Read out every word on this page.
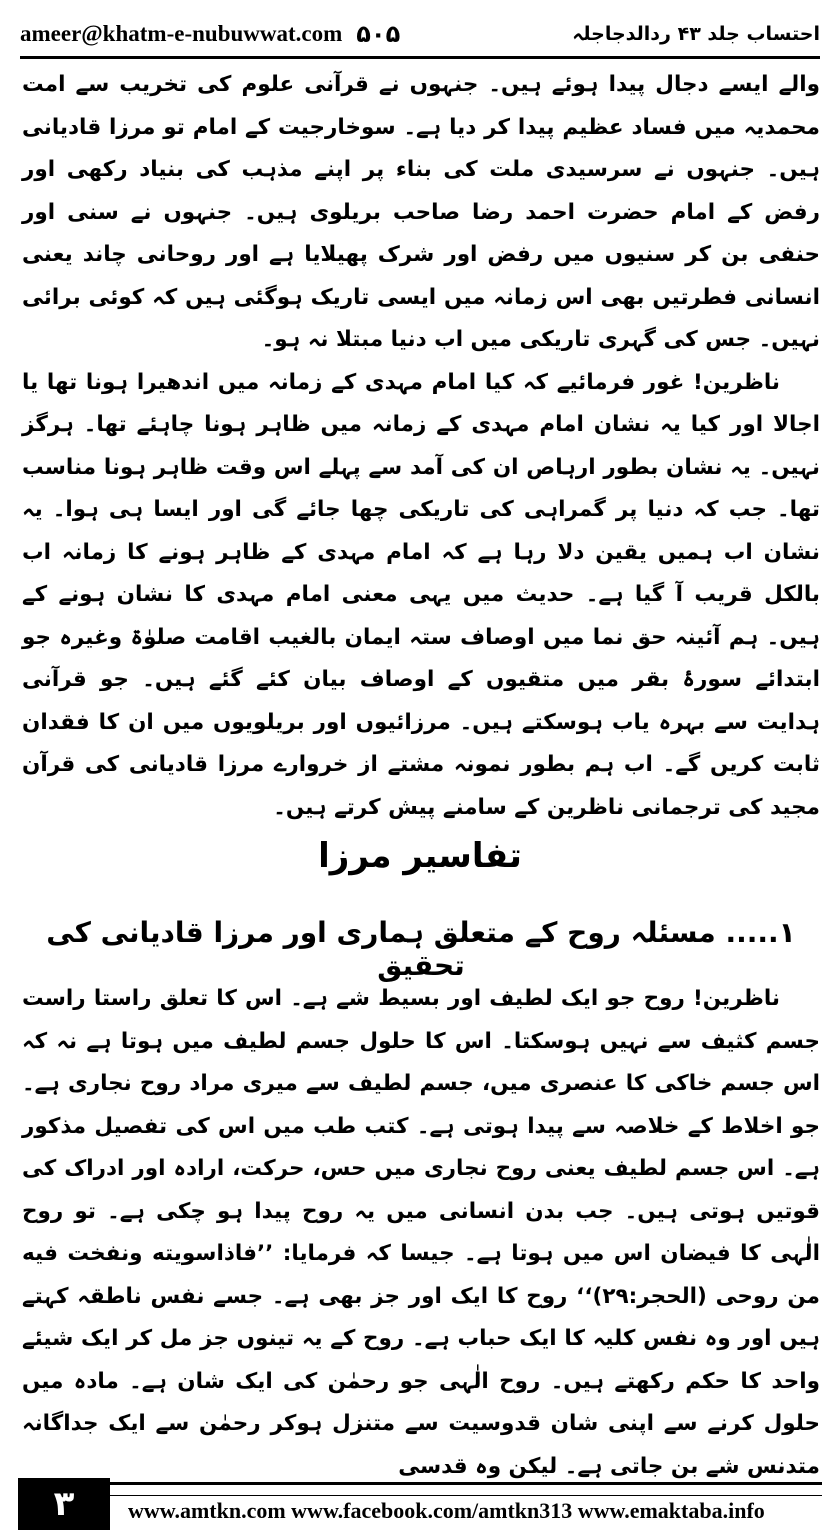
ameer@khatm-e-nubuwwat.com ۵۰۵	احتساب جلد ۴۳ ردالدجاجلہ

والے ایسے دجال پیدا ہوئے ہیں۔ جنہوں نے قرآنی علوم کی تخریب سے امت محمدیہ میں فساد عظیم پیدا کر دیا ہے۔ سوخارجیت کے امام تو مرزا قادیانی ہیں۔ جنہوں نے سرسیدی ملت کی بناء پر اپنے مذہب کی بنیاد رکھی اور رفض کے امام حضرت احمد رضا صاحب بریلوی ہیں۔ جنہوں نے سنی اور حنفی بن کر سنیوں میں رفض اور شرک پھیلایا ہے اور روحانی چاند یعنی انسانی فطرتیں بھی اس زمانہ میں ایسی تاریک ہوگئی ہیں کہ کوئی برائی نہیں۔ جس کی گہری تاریکی میں اب دنیا مبتلا نہ ہو۔

ناظرین! غور فرمائیے کہ کیا امام مہدی کے زمانہ میں اندھیرا ہونا تھا یا اجالا اور کیا یہ نشان امام مہدی کے زمانہ میں ظاہر ہونا چاہئے تھا۔ ہرگز نہیں۔ یہ نشان بطور ارہاص ان کی آمد سے پہلے اس وقت ظاہر ہونا مناسب تھا۔ جب کہ دنیا پر گمراہی کی تاریکی چھا جائے گی اور ایسا ہی ہوا۔ یہ نشان اب ہمیں یقین دلا رہا ہے کہ امام مہدی کے ظاہر ہونے کا زمانہ اب بالکل قریب آ گیا ہے۔ حدیث میں یہی معنی امام مہدی کا نشان ہونے کے ہیں۔ ہم آئینہ حق نما میں اوصاف ستہ ایمان بالغیب اقامت صلوٰۃ وغیرہ جو ابتدائے سورۂ بقر میں متقیوں کے اوصاف بیان کئے گئے ہیں۔ جو قرآنی ہدایت سے بہرہ یاب ہوسکتے ہیں۔ مرزائیوں اور بریلویوں میں ان کا فقدان ثابت کریں گے۔ اب ہم بطور نمونہ مشتے از خروارے مرزا قادیانی کی قرآن مجید کی ترجمانی ناظرین کے سامنے پیش کرتے ہیں۔

تفاسیر مرزا
۱..... مسئلہ روح کے متعلق ہماری اور مرزا قادیانی کی تحقیق

ناظرین! روح جو ایک لطیف اور بسیط شے ہے۔ اس کا تعلق راستا راست جسم کثیف سے نہیں ہوسکتا۔ اس کا حلول جسم لطیف میں ہوتا ہے نہ کہ اس جسم خاکی کا عنصری میں، جسم لطیف سے میری مراد روح نجاری ہے۔ جو اخلاط کے خلاصہ سے پیدا ہوتی ہے۔ کتب طب میں اس کی تفصیل مذکور ہے۔ اس جسم لطیف یعنی روح نجاری میں حس، حرکت، ارادہ اور ادراک کی قوتیں ہوتی ہیں۔ جب بدن انسانی میں یہ روح پیدا ہو چکی ہے۔ تو روح الٰہی کا فیضان اس میں ہوتا ہے۔ جیسا کہ فرمایا: ’’فاذاسویته ونفخت فيه من روحی (الحجر:۲۹)‘‘ روح کا ایک اور جز بھی ہے۔ جسے نفس ناطقہ کہتے ہیں اور وہ نفس کلیہ کا ایک حباب ہے۔ روح کے یہ تینوں جز مل کر ایک شیئے واحد کا حکم رکھتے ہیں۔ روح الٰہی جو رحمٰن کی ایک شان ہے۔ مادہ میں حلول کرنے سے اپنی شان قدوسیت سے متنزل ہوکر رحمٰن سے ایک جداگانہ متدنس شے بن جاتی ہے۔ لیکن وہ قدسی

۳	www.amtkn.com www.facebook.com/amtkn313 www.emaktaba.info
